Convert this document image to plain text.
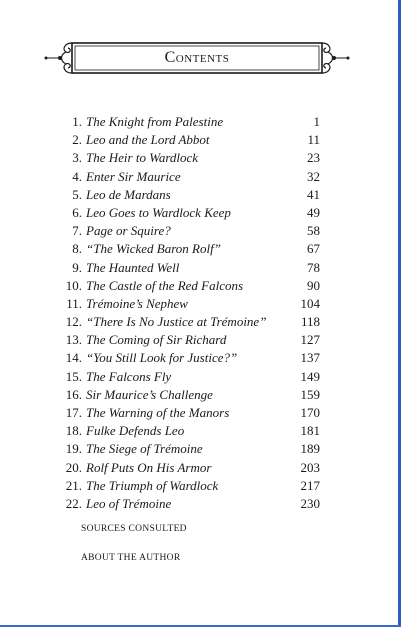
Contents
1. The Knight from Palestine	1
2. Leo and the Lord Abbot	11
3. The Heir to Wardlock	23
4. Enter Sir Maurice	32
5. Leo de Mardans	41
6. Leo Goes to Wardlock Keep	49
7. Page or Squire?	58
8. “The Wicked Baron Rolf”	67
9. The Haunted Well	78
10. The Castle of the Red Falcons	90
11. Trémoine’s Nephew	104
12. “There Is No Justice at Trémoine”	118
13. The Coming of Sir Richard	127
14. “You Still Look for Justice?”	137
15. The Falcons Fly	149
16. Sir Maurice’s Challenge	159
17. The Warning of the Manors	170
18. Fulke Defends Leo	181
19. The Siege of Trémoine	189
20. Rolf Puts On His Armor	203
21. The Triumph of Wardlock	217
22. Leo of Trémoine	230
SOURCES CONSULTED
ABOUT THE AUTHOR
